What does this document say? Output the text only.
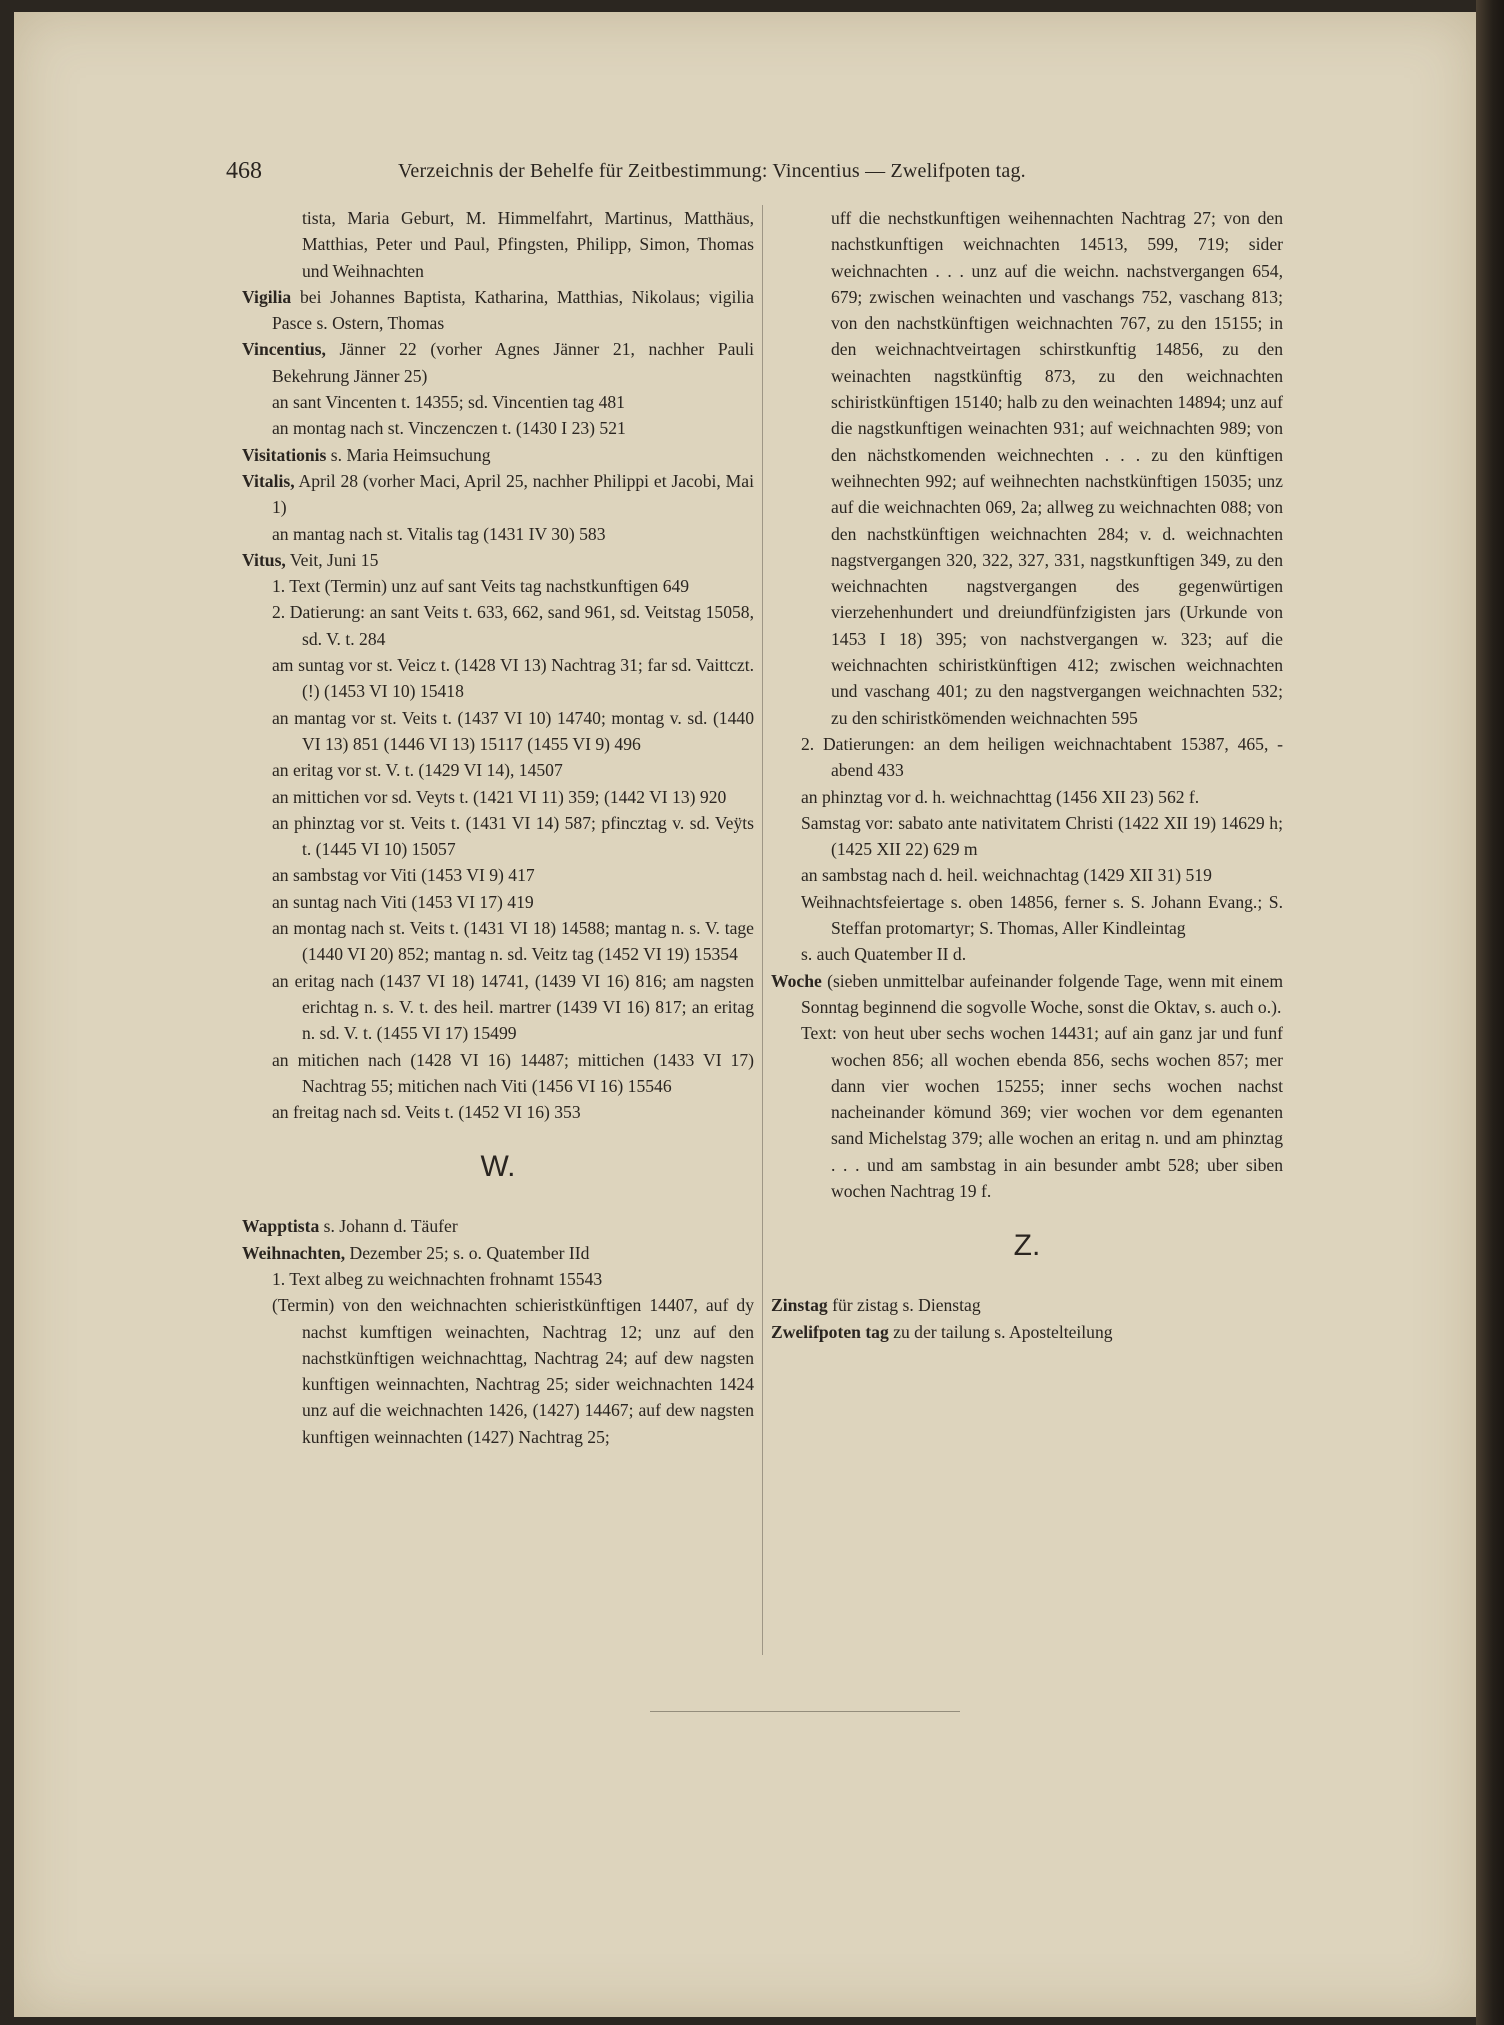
468	Verzeichnis der Behelfe für Zeitbestimmung: Vincentius — Zwelifpoten tag.
tista, Maria Geburt, M. Himmelfahrt, Martinus, Matthäus, Matthias, Peter und Paul, Pfingsten, Philipp, Simon, Thomas und Weihnachten
Vigilia bei Johannes Baptista, Katharina, Matthias, Nikolaus; vigilia Pasce s. Ostern, Thomas
Vincentius, Jänner 22 (vorher Agnes Jänner 21, nachher Pauli Bekehrung Jänner 25)
an sant Vincenten t. 14355; sd. Vincentien tag 481
an montag nach st. Vinczenczen t. (1430 I 23) 521
Visitationis s. Maria Heimsuchung
Vitalis, April 28 (vorher Maci, April 25, nachher Philippi et Jacobi, Mai 1)
an mantag nach st. Vitalis tag (1431 IV 30) 583
Vitus, Veit, Juni 15
1. Text (Termin) unz auf sant Veits tag nachstkunftigen 649
2. Datierung: an sant Veits t. 633, 662, sand 961, sd. Veitstag 15058, sd. V. t. 284
am suntag vor st. Veicz t. (1428 VI 13) Nachtrag 31; far sd. Vaittczt. (!) (1453 VI 10) 15418
an mantag vor st. Veits t. (1437 VI 10) 14740; montag v. sd. (1440 VI 13) 851 (1446 VI 13) 15117 (1455 VI 9) 496
an eritag vor st. V. t. (1429 VI 14), 14507
an mittichen vor sd. Veyts t. (1421 VI 11) 359; (1442 VI 13) 920
an phinztag vor st. Veits t. (1431 VI 14) 587; pfincztag v. sd. Veÿts t. (1445 VI 10) 15057
an sambstag vor Viti (1453 VI 9) 417
an suntag nach Viti (1453 VI 17) 419
an montag nach st. Veits t. (1431 VI 18) 14588; mantag n. s. V. tage (1440 VI 20) 852; mantag n. sd. Veitz tag (1452 VI 19) 15354
an eritag nach (1437 VI 18) 14741, (1439 VI 16) 816; am nagsten erichtag n. s. V. t. des heil. martrer (1439 VI 16) 817; an eritag n. sd. V. t. (1455 VI 17) 15499
an mitichen nach (1428 VI 16) 14487; mittichen (1433 VI 17) Nachtrag 55; mitichen nach Viti (1456 VI 16) 15546
an freitag nach sd. Veits t. (1452 VI 16) 353
W.
Wapptista s. Johann d. Täufer
Weihnachten, Dezember 25; s. o. Quatember IId
1. Text albeg zu weichnachten frohnamt 15543
(Termin) von den weichnachten schieristkünftigen 14407, auf dy nachst kumftigen weinachten, Nachtrag 12; unz auf den nachstkünftigen weichnachttag, Nachtrag 24; auf dew nagsten kunftigen weinnachten, Nachtrag 25; sider weichnachten 1424 unz auf die weichnachten 1426, (1427) 14467; auf dew nagsten kunftigen weinnachten (1427) Nachtrag 25;
uff die nechstkunftigen weihennachten Nachtrag 27; von den nachstkunftigen weichnachten 14513, 599, 719; sider weichnachten . . . unz auf die weichn. nachstvergangen 654, 679; zwischen weinachten und vaschangs 752, vaschang 813; von den nachstkünftigen weichnachten 767, zu den 15155; in den weichnachtveirtagen schirstkunftig 14856, zu den weinachten nagstkünftig 873, zu den weichnachten schiristkünftigen 15140; halb zu den weinachten 14894; unz auf die nagstkunftigen weinachten 931; auf weichnachten 989; von den nächstkomenden weichnechten . . . zu den künftigen weihnechten 992; auf weihnechten nachstkünftigen 15035; unz auf die weichnachten 069, 2a; allweg zu weichnachten 088; von den nachstkünftigen weichnachten 284; v. d. weichnachten nagstvergangen 320, 322, 327, 331, nagstkunftigen 349, zu den weichnachten nagstvergangen des gegenwürtigen vierzehenhundert und dreiundfünfzigisten jars (Urkunde von 1453 I 18) 395; von nachstvergangen w. 323; auf die weichnachten schiristkünftigen 412; zwischen weichnachten und vaschang 401; zu den nagstvergangen weichnachten 532; zu den schiristkömenden weichnachten 595
2. Datierungen: an dem heiligen weichnachtabent 15387, 465, -abend 433
an phinztag vor d. h. weichnachttag (1456 XII 23) 562 f.
Samstag vor: sabato ante nativitatem Christi (1422 XII 19) 14629 h; (1425 XII 22) 629 m
an sambstag nach d. heil. weichnachtag (1429 XII 31) 519
Weihnachtsfeiertage s. oben 14856, ferner s. S. Johann Evang.; S. Steffan protomartyr; S. Thomas, Aller Kindleintag
s. auch Quatember II d.
Woche (sieben unmittelbar aufeinander folgende Tage, wenn mit einem Sonntag beginnend die sogvolle Woche, sonst die Oktav, s. auch o.).
Text: von heut uber sechs wochen 14431; auf ain ganz jar und funf wochen 856; all wochen ebenda 856, sechs wochen 857; mer dann vier wochen 15255; inner sechs wochen nachst nacheinander kömund 369; vier wochen vor dem egenanten sand Michelstag 379; alle wochen an eritag n. und am phinztag . . . und am sambstag in ain besunder ambt 528; uber siben wochen Nachtrag 19 f.
Z.
Zinstag für zistag s. Dienstag
Zwelifpoten tag zu der tailung s. Apostelteilung
